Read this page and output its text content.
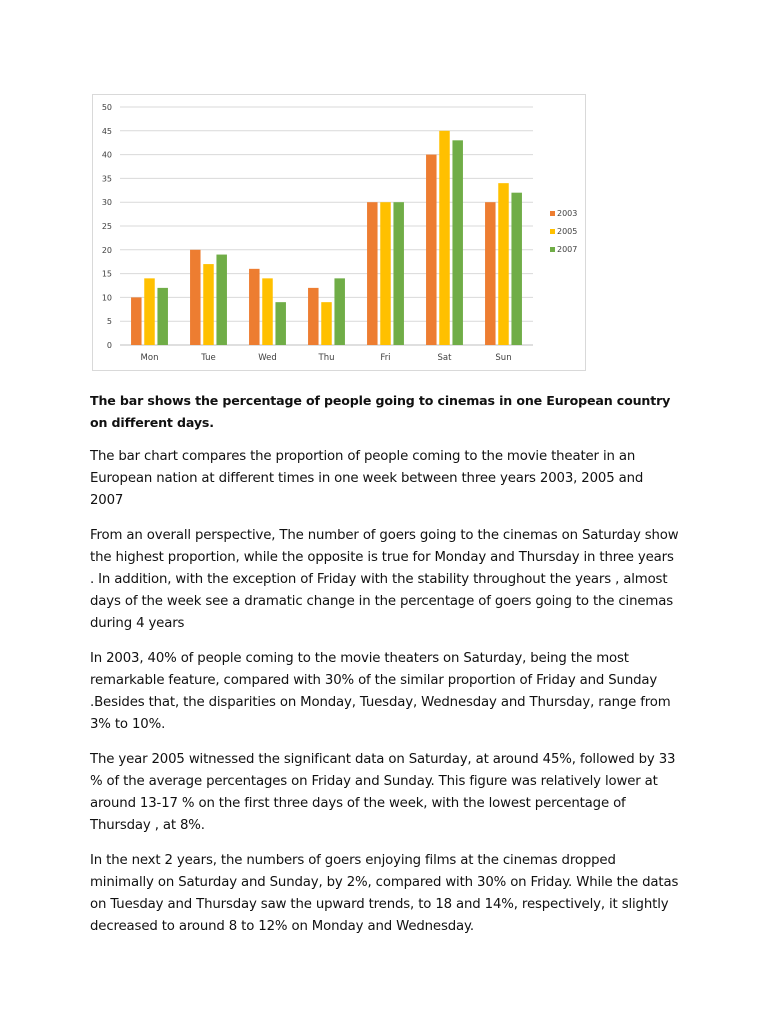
0
5
10
15
20
25
30
35
40
45
50
Mon	Tue	Wed	Thu	Fri	Sat	Sun
2003
2005
2007

The bar shows the percentage of people going to cinemas in one European country on different days.

The bar chart compares the proportion of people coming to the movie theater in an European nation at different times in one week between three years 2003, 2005 and 2007

From an overall perspective, The number of goers going to the cinemas on Saturday show the highest proportion, while the opposite is true for Monday and Thursday in three years . In addition, with the exception of Friday with the stability throughout the years , almost days of the week see a dramatic change in the percentage of goers going to the cinemas during 4 years

In 2003, 40% of people coming to the movie theaters on Saturday, being the most remarkable feature, compared with 30% of the similar proportion of Friday and Sunday .Besides that, the disparities on Monday, Tuesday, Wednesday and Thursday, range from 3% to 10%.

The year 2005 witnessed the significant data on Saturday, at around 45%, followed by 33 % of the average percentages on Friday and Sunday. This figure was relatively lower at around 13-17 % on the first three days of the week, with the lowest percentage of Thursday , at 8%.

In the next 2 years, the numbers of goers enjoying films at the cinemas dropped minimally on Saturday and Sunday, by 2%, compared with 30% on Friday. While the datas on Tuesday and Thursday saw the upward trends, to 18 and 14%, respectively, it slightly decreased to around 8 to 12% on Monday and Wednesday.
